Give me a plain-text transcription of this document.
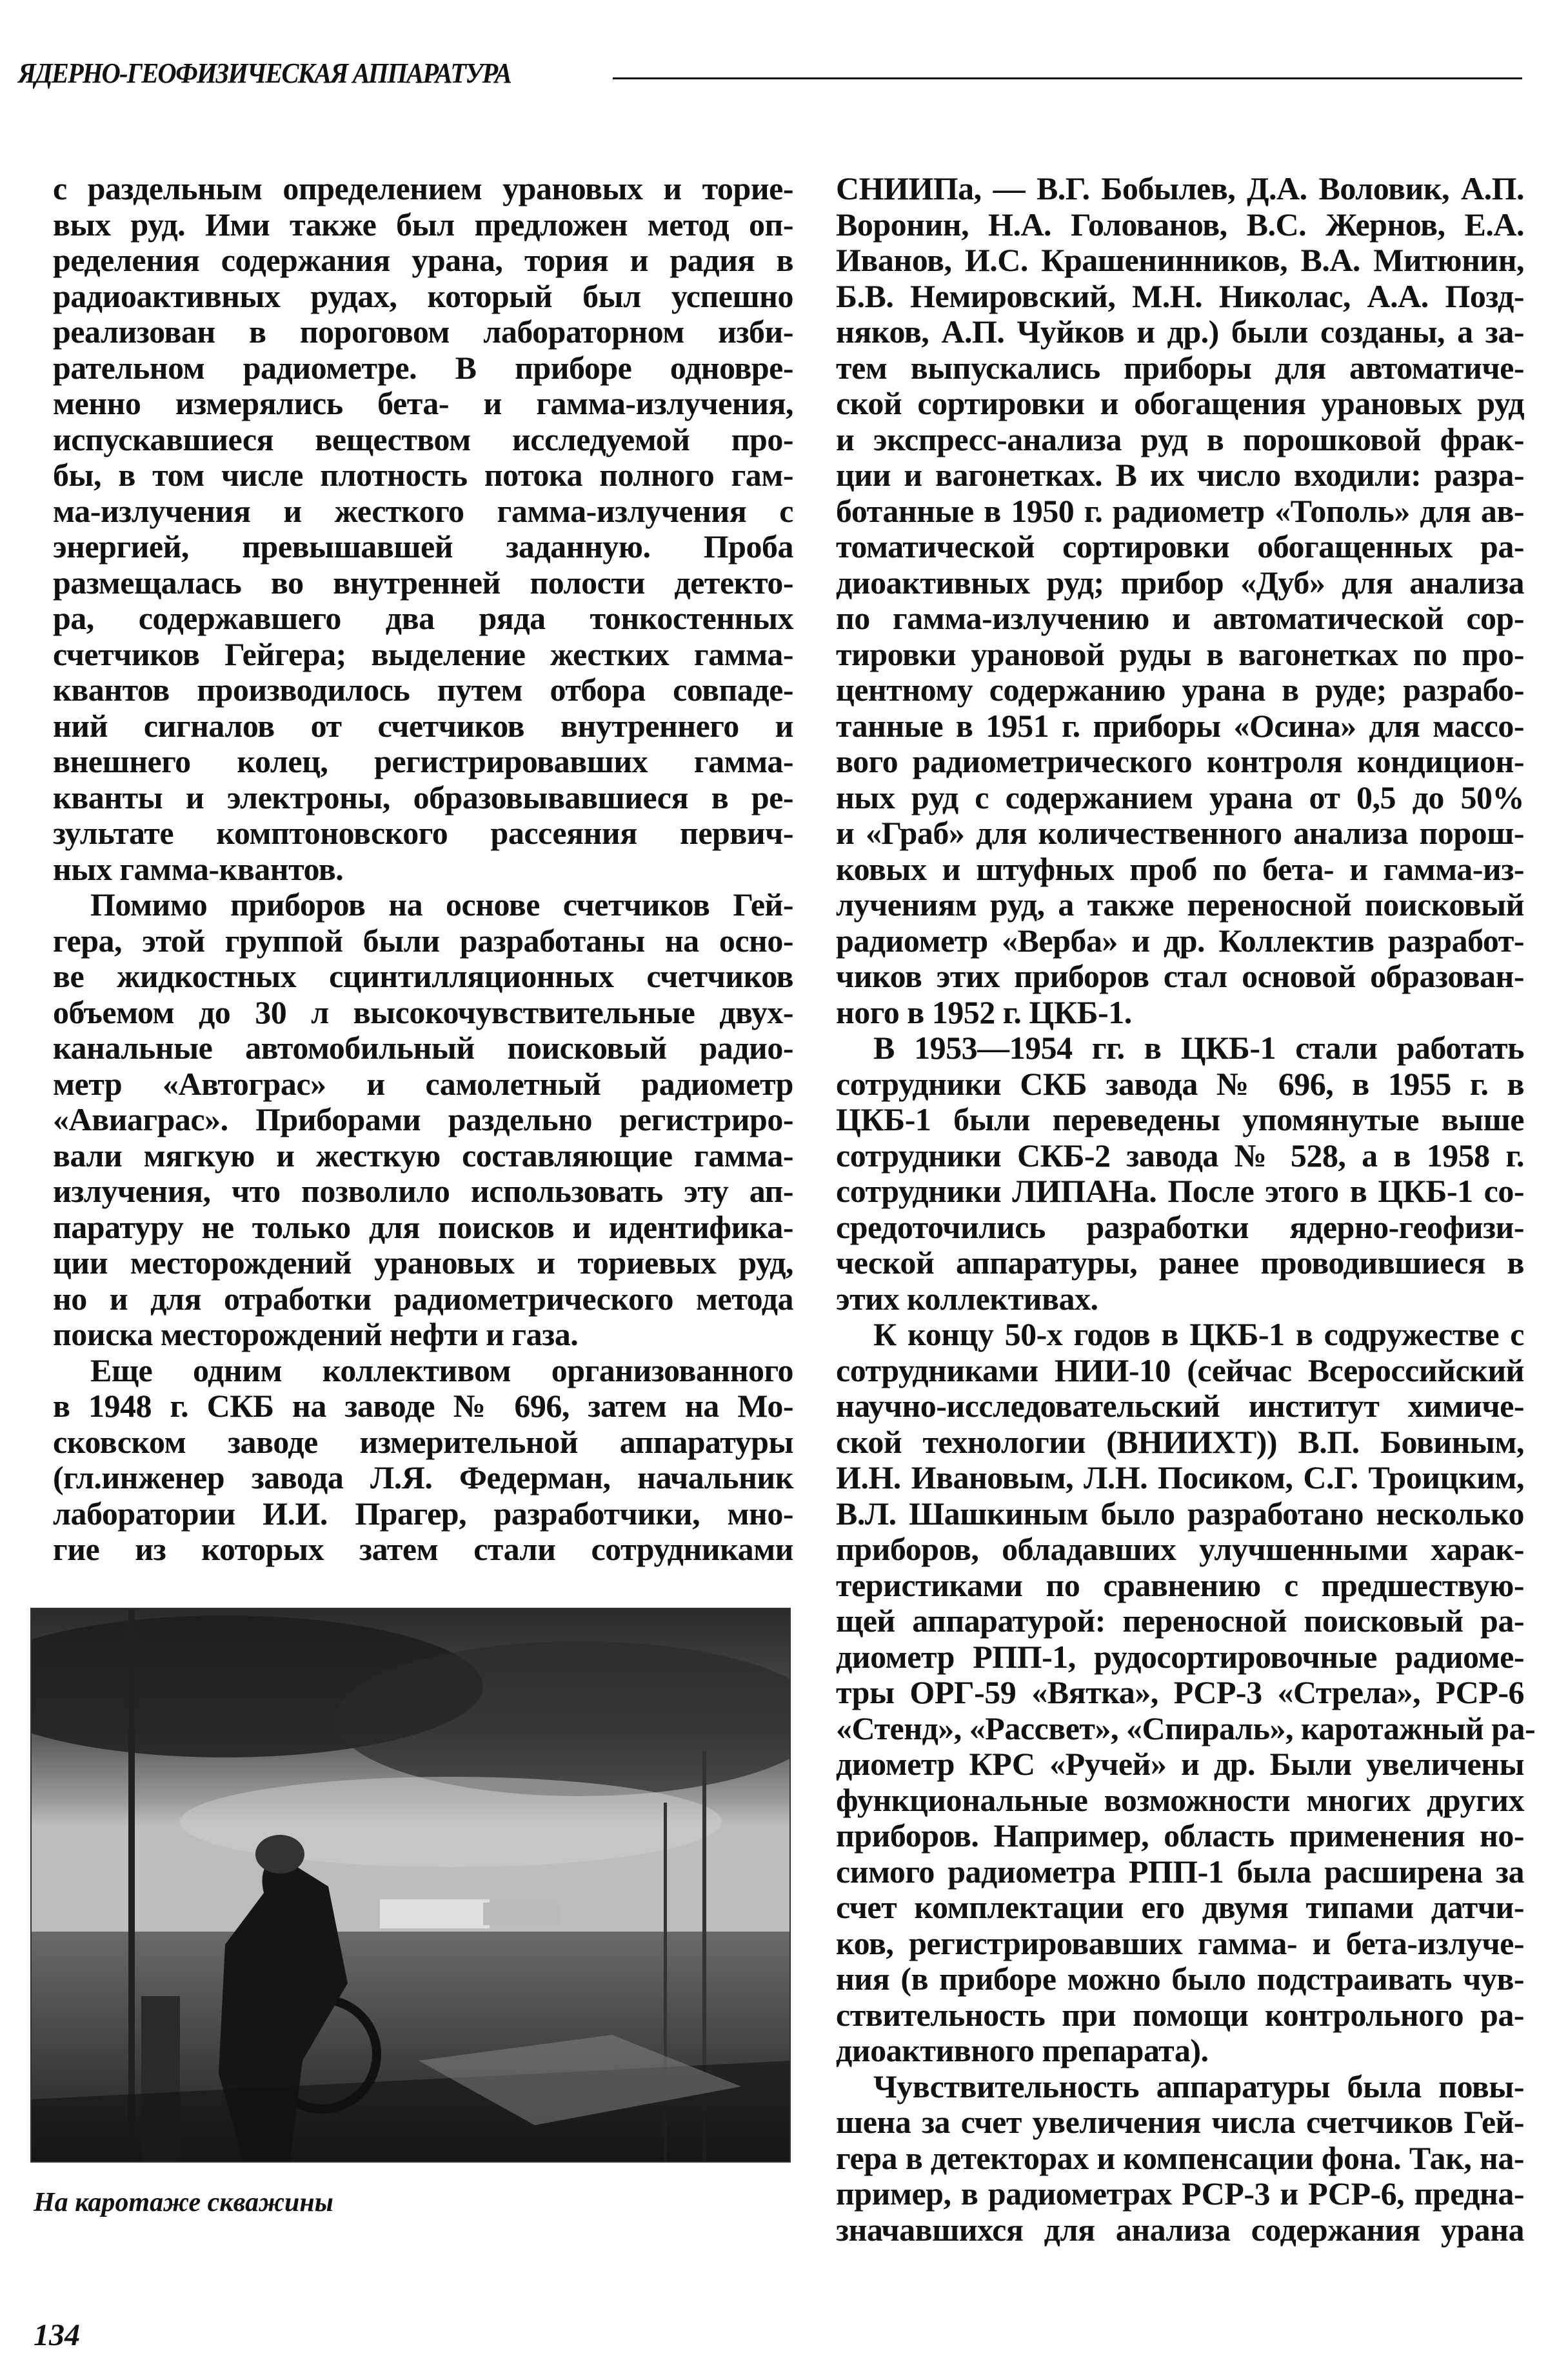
ЯДЕРНО-ГЕОФИЗИЧЕСКАЯ АППАРАТУРА
с раздельным определением урановых и торие-
вых руд. Ими также был предложен метод оп-
ределения содержания урана, тория и радия в
радиоактивных рудах, который был успешно
реализован в пороговом лабораторном изби-
рательном радиометре. В приборе одновре-
менно измерялись бета- и гамма-излучения,
испускавшиеся веществом исследуемой про-
бы, в том числе плотность потока полного гам-
ма-излучения и жесткого гамма-излучения с
энергией, превышавшей заданную. Проба
размещалась во внутренней полости детекто-
ра, содержавшего два ряда тонкостенных
счетчиков Гейгера; выделение жестких гамма-
квантов производилось путем отбора совпаде-
ний сигналов от счетчиков внутреннего и
внешнего колец, регистрировавших гамма-
кванты и электроны, образовывавшиеся в ре-
зультате комптоновского рассеяния первич-
ных гамма-квантов.
Помимо приборов на основе счетчиков Гей-
гера, этой группой были разработаны на осно-
ве жидкостных сцинтилляционных счетчиков
объемом до 30 л высокочувствительные двух-
канальные автомобильный поисковый радио-
метр «Автограс» и самолетный радиометр
«Авиаграс». Приборами раздельно регистриро-
вали мягкую и жесткую составляющие гамма-
излучения, что позволило использовать эту ап-
паратуру не только для поисков и идентифика-
ции месторождений урановых и ториевых руд,
но и для отработки радиометрического метода
поиска месторождений нефти и газа.
Еще одним коллективом организованного
в 1948 г. СКБ на заводе № 696, затем на Мо-
сковском заводе измерительной аппаратуры
(гл.инженер завода Л.Я. Федерман, начальник
лаборатории И.И. Прагер, разработчики, мно-
гие из которых затем стали сотрудниками
СНИИПа, — В.Г. Бобылев, Д.А. Воловик, А.П.
Воронин, Н.А. Голованов, В.С. Жернов, Е.А.
Иванов, И.С. Крашенинников, В.А. Митюнин,
Б.В. Немировский, М.Н. Николас, А.А. Позд-
няков, А.П. Чуйков и др.) были созданы, а за-
тем выпускались приборы для автоматиче-
ской сортировки и обогащения урановых руд
и экспресс-анализа руд в порошковой фрак-
ции и вагонетках. В их число входили: разра-
ботанные в 1950 г. радиометр «Тополь» для ав-
томатической сортировки обогащенных ра-
диоактивных руд; прибор «Дуб» для анализа
по гамма-излучению и автоматической сор-
тировки урановой руды в вагонетках по про-
центному содержанию урана в руде; разрабо-
танные в 1951 г. приборы «Осина» для массо-
вого радиометрического контроля кондицион-
ных руд с содержанием урана от 0,5 до 50%
и «Граб» для количественного анализа порош-
ковых и штуфных проб по бета- и гамма-из-
лучениям руд, а также переносной поисковый
радиометр «Верба» и др. Коллектив разработ-
чиков этих приборов стал основой образован-
ного в 1952 г. ЦКБ-1.
В 1953—1954 гг. в ЦКБ-1 стали работать
сотрудники СКБ завода № 696, в 1955 г. в
ЦКБ-1 были переведены упомянутые выше
сотрудники СКБ-2 завода № 528, а в 1958 г.
сотрудники ЛИПАНа. После этого в ЦКБ-1 со-
средоточились разработки ядерно-геофизи-
ческой аппаратуры, ранее проводившиеся в
этих коллективах.
К концу 50-х годов в ЦКБ-1 в содружестве с
сотрудниками НИИ-10 (сейчас Всероссийский
научно-исследовательский институт химиче-
ской технологии (ВНИИХТ)) В.П. Бовиным,
И.Н. Ивановым, Л.Н. Посиком, С.Г. Троицким,
В.Л. Шашкиным было разработано несколько
приборов, обладавших улучшенными харак-
теристиками по сравнению с предшествую-
щей аппаратурой: переносной поисковый ра-
диометр РПП-1, рудосортировочные радиоме-
тры ОРГ-59 «Вятка», РСР-3 «Стрела», РСР-6
«Стенд», «Рассвет», «Спираль», каротажный ра-
диометр КРС «Ручей» и др. Были увеличены
функциональные возможности многих других
приборов. Например, область применения но-
симого радиометра РПП-1 была расширена за
счет комплектации его двумя типами датчи-
ков, регистрировавших гамма- и бета-излуче-
ния (в приборе можно было подстраивать чув-
ствительность при помощи контрольного ра-
диоактивного препарата).
Чувствительность аппаратуры была повы-
шена за счет увеличения числа счетчиков Гей-
гера в детекторах и компенсации фона. Так, на-
пример, в радиометрах РСР-3 и РСР-6, предна-
значавшихся для анализа содержания урана
На каротаже скважины
134
